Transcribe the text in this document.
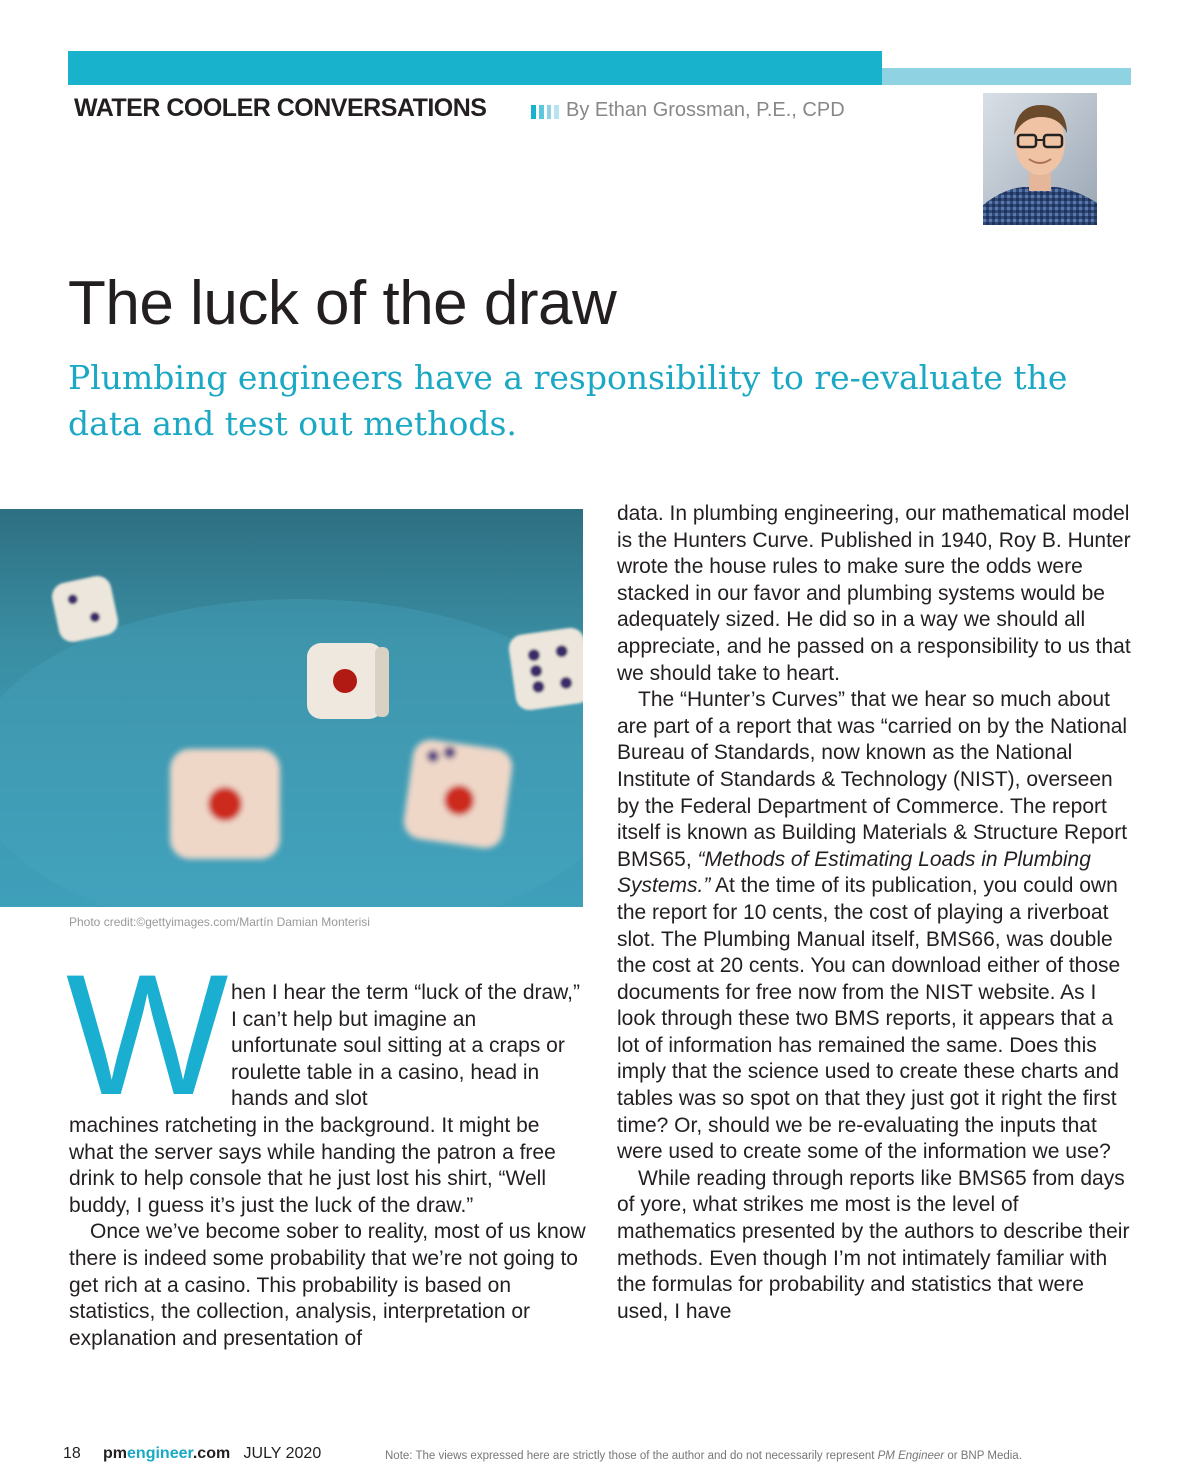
WATER COOLER CONVERSATIONS	By Ethan Grossman, P.E., CPD
The luck of the draw
Plumbing engineers have a responsibility to re-evaluate the data and test out methods.
Photo credit:©gettyimages.com/Martín Damian Monterisi
W hen I hear the term “luck of the draw,” I can’t help but imagine an unfortunate soul sitting at a craps or roulette table in a casino, head in hands and slot

machines ratcheting in the background. It might be what the server says while handing the patron a free drink to help console that he just lost his shirt, “Well buddy, I guess it’s just the luck of the draw.”

Once we’ve become sober to reality, most of us know there is indeed some probability that we’re not going to get rich at a casino. This probability is based on statistics, the collection, analysis, interpretation or explanation and presentation of

data. In plumbing engineering, our mathematical model is the Hunters Curve. Published in 1940, Roy B. Hunter wrote the house rules to make sure the odds were stacked in our favor and plumbing systems would be adequately sized. He did so in a way we should all appreciate, and he passed on a responsibility to us that we should take to heart.

The “Hunter’s Curves” that we hear so much about are part of a report that was “carried on by the National Bureau of Standards, now known as the National Institute of Standards & Technology (NIST), overseen by the Federal Department of Commerce. The report itself is known as Building Materials & Structure Report BMS65, “Methods of Estimating Loads in Plumbing Systems.” At the time of its publication, you could own the report for 10 cents, the cost of playing a riverboat slot. The Plumbing Manual itself, BMS66, was double the cost at 20 cents. You can download either of those documents for free now from the NIST website. As I look through these two BMS reports, it appears that a lot of information has remained the same. Does this imply that the science used to create these charts and tables was so spot on that they just got it right the first time? Or, should we be re-evaluating the inputs that were used to create some of the information we use?

While reading through reports like BMS65 from days of yore, what strikes me most is the level of mathematics presented by the authors to describe their methods. Even though I’m not intimately familiar with the formulas for probability and statistics that were used, I have

18 pmengineer.com JULY 2020	Note: The views expressed here are strictly those of the author and do not necessarily represent PM Engineer or BNP Media.
